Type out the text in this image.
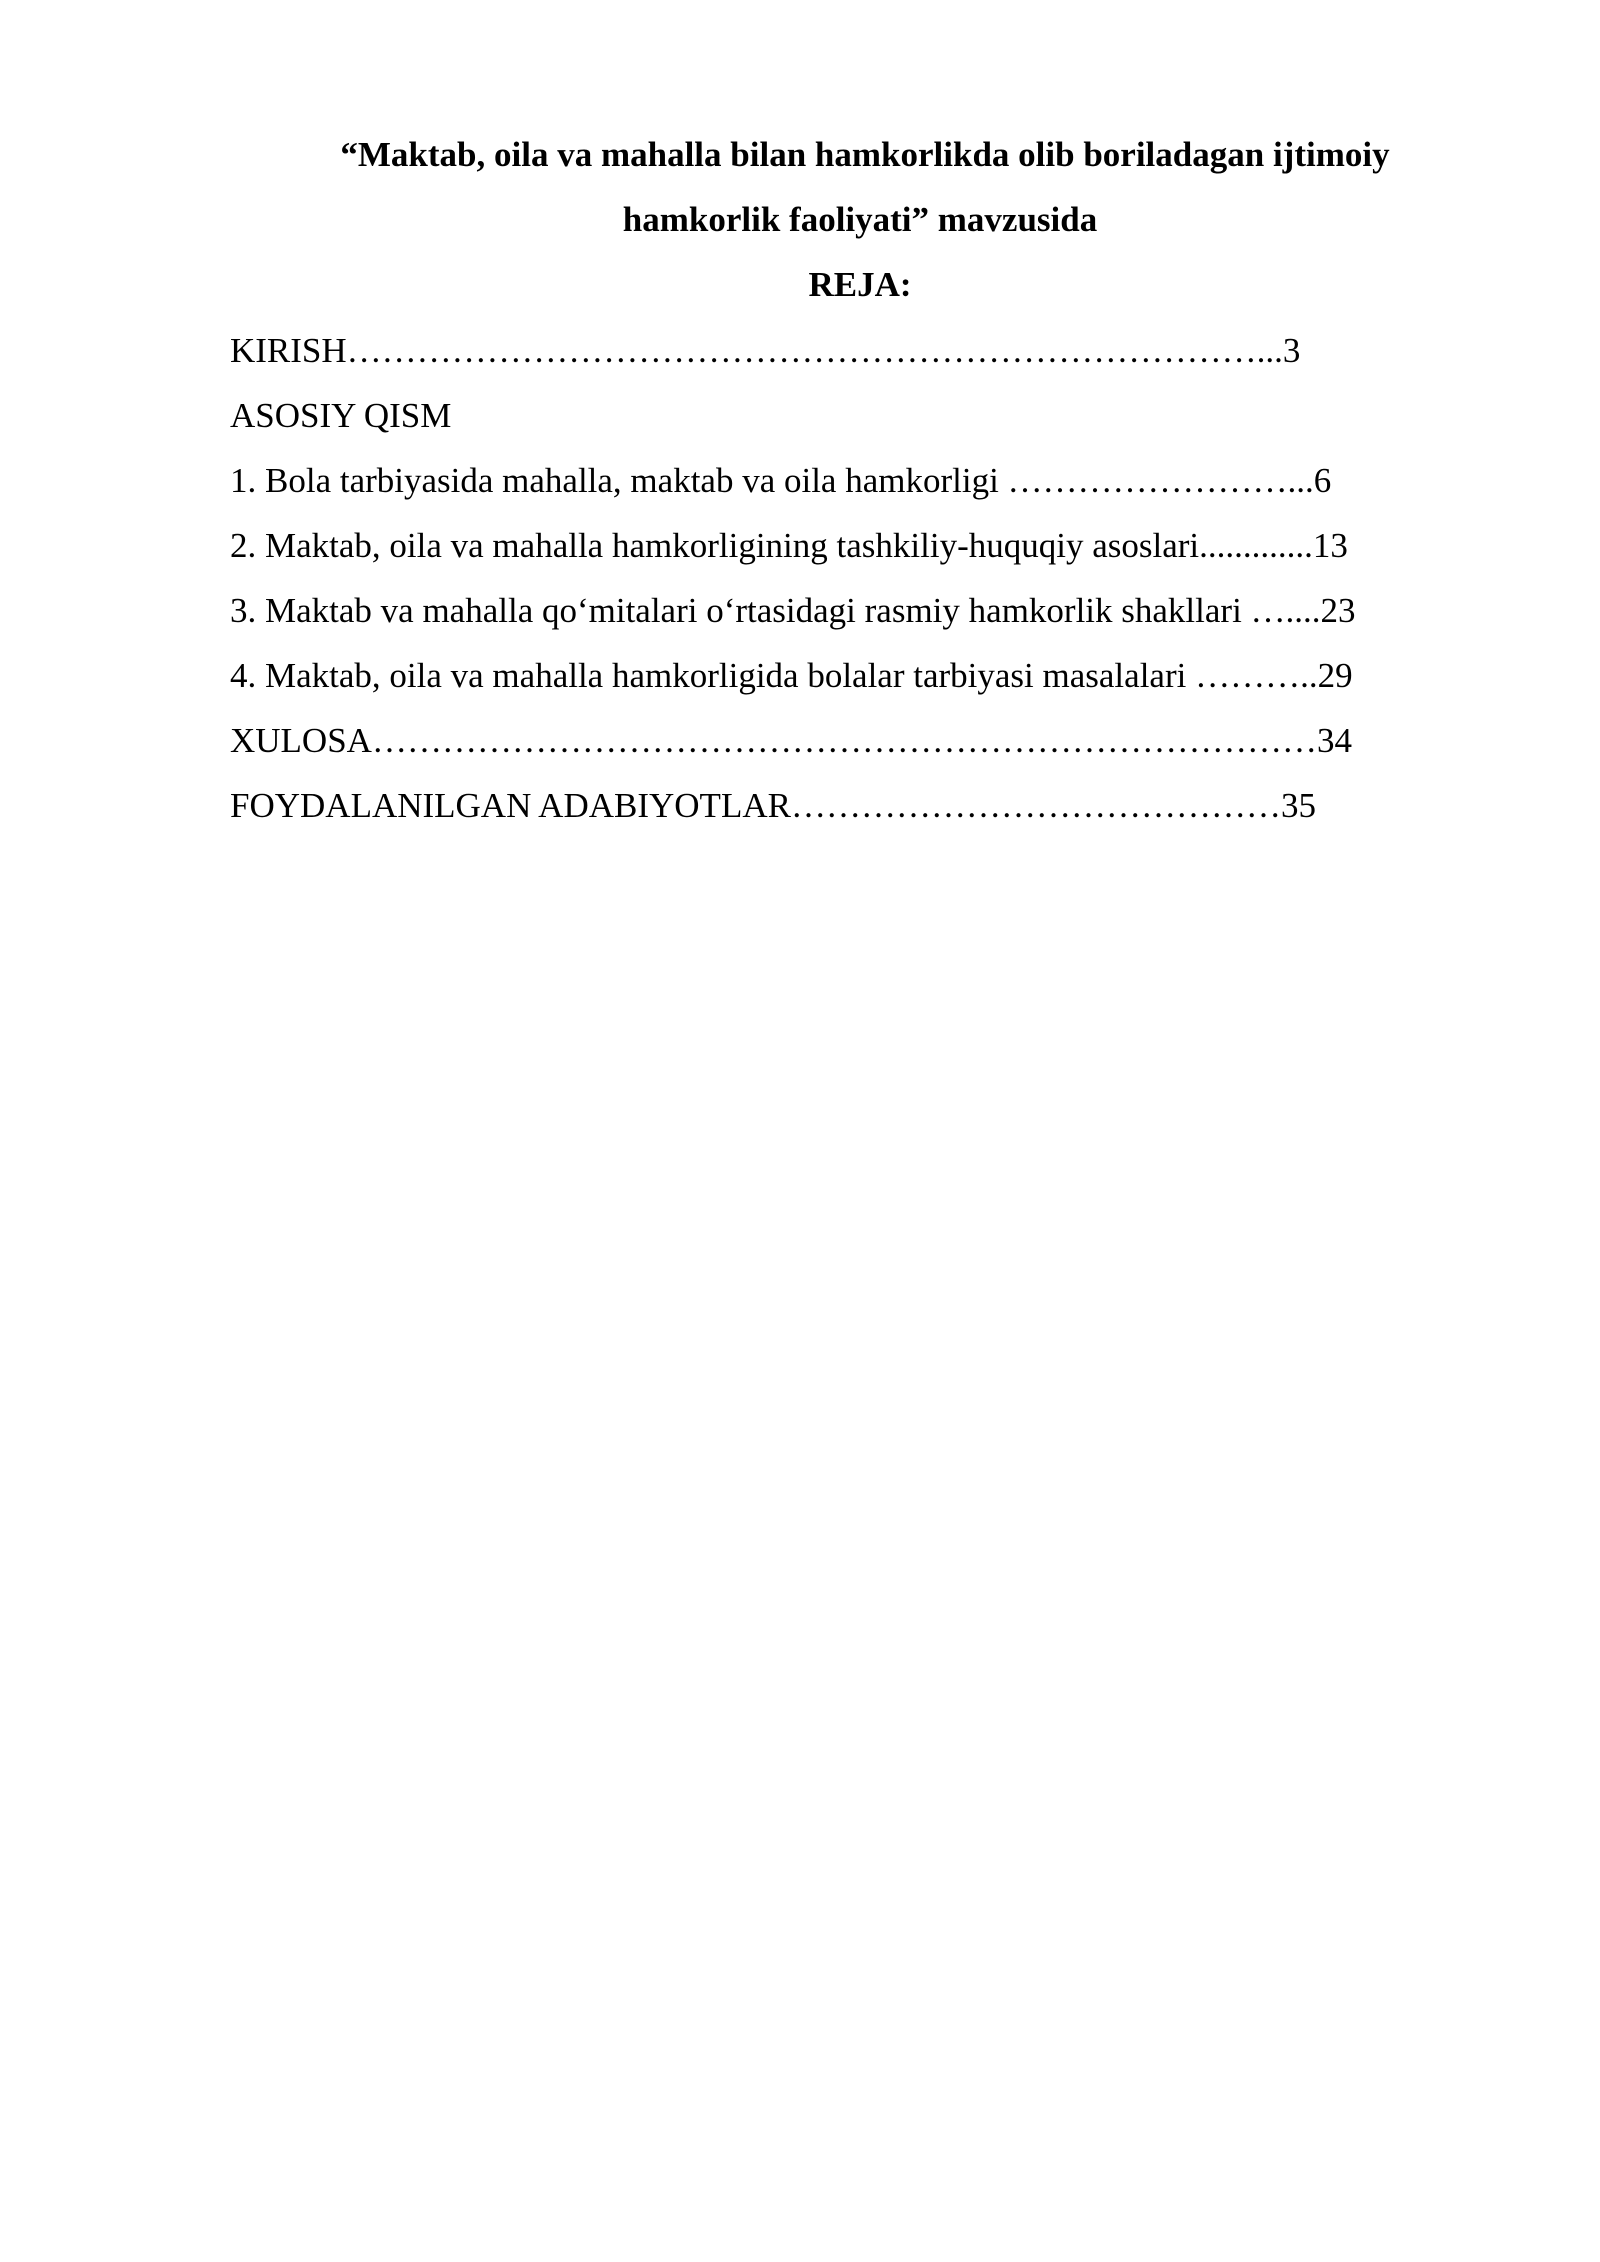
“Maktab, oila va mahalla bilan hamkorlikda olib boriladagan ijtimoiy
hamkorlik faoliyati” mavzusida
REJA:
KIRISH……………………………………………………………………...3
ASOSIY QISM
1. Bola tarbiyasida mahalla, maktab va oila hamkorligi ……………………...6
2. Maktab, oila va mahalla hamkorligining tashkiliy-huquqiy asoslari.............13
3. Maktab va mahalla qo‘mitalari o‘rtasidagi rasmiy hamkorlik shakllari …....23
4. Maktab, oila va mahalla hamkorligida bolalar tarbiyasi masalalari ………..29
XULOSA………………………………………………………………………34
FOYDALANILGAN ADABIYOTLAR……………………………………35
